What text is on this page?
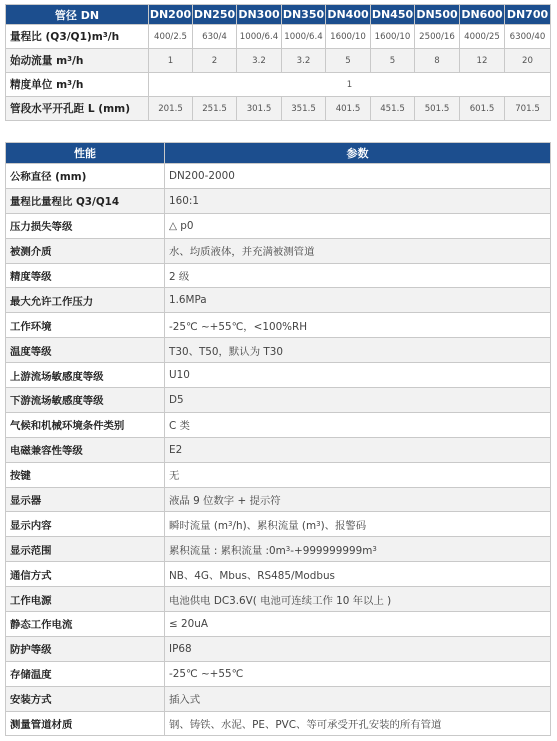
管径 DN	DN200	DN250	DN300	DN350	DN400	DN450	DN500	DN600	DN700
量程比 $(Q3/Q1)m^3/h$	400/2.5	630/4	1000/6.4	1000/6.4	1600/10	1600/10	2500/16	4000/25	6300/40
始动流量 $m^3/h$	1	2	3.2	3.2	5	5	8	12	20
精度单位 $m^3/h$	1								
管段水平开孔距 L (mm)	201.5	251.5	301.5	351.5	401.5	451.5	501.5	601.5	701.5
性能	参数
公称直径 (mm)	DN200-2000
量程比量程比 Q3/Q14	160:1
压力损失等级	△ p0
被测介质	水、均质液体，并充满被测管道
精度等级	2 级
最大允许工作压力	1.6MPa
工作环境	-25℃ ~+55℃，<100%RH
温度等级	T30、T50，默认为 T30
上游流场敏感度等级	U10
下游流场敏感度等级	D5
气候和机械环境条件类别	C 类
电磁兼容性等级	E2
按键	无
显示器	液晶 9 位数字 + 提示符
显示内容	瞬时流量 $(m^3/h)$、累积流量 $(m^3)$、报警码
显示范围	累积流量 : 累积流量 $:0m^3-+999999999m^3$
通信方式	NB、4G、Mbus、RS485/Modbus
工作电源	电池供电 DC3.6V( 电池可连续工作 10 年以上 )
静态工作电流	≤ 20uA
防护等级	IP68
存储温度	-25℃ ~+55℃
安装方式	插入式
测量管道材质	钢、铸铁、水泥、PE、PVC、等可承受开孔安装的所有管道
